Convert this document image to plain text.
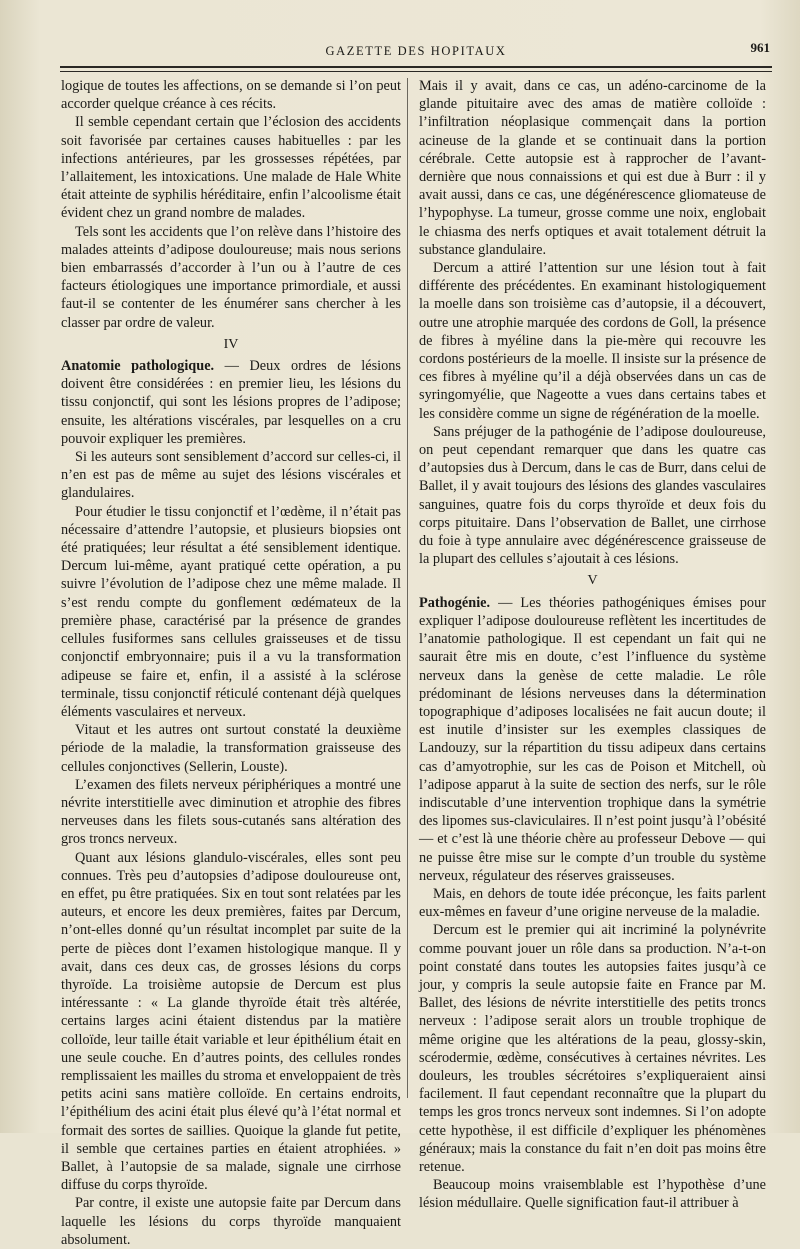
GAZETTE DES HOPITAUX	961

logique de toutes les affections, on se demande si l’on peut accorder quelque créance à ces récits.

Il semble cependant certain que l’éclosion des accidents soit favorisée par certaines causes habituelles : par les infections antérieures, par les grossesses répétées, par l’allaitement, les intoxications. Une malade de Hale White était atteinte de syphilis héréditaire, enfin l’alcoolisme était évident chez un grand nombre de malades.

Tels sont les accidents que l’on relève dans l’histoire des malades atteints d’adipose douloureuse; mais nous serions bien embarrassés d’accorder à l’un ou à l’autre de ces facteurs étiologiques une importance primordiale, et aussi faut-il se contenter de les énumérer sans chercher à les classer par ordre de valeur.

IV

Anatomie pathologique. — Deux ordres de lésions doivent être considérées : en premier lieu, les lésions du tissu conjonctif, qui sont les lésions propres de l’adipose; ensuite, les altérations viscérales, par lesquelles on a cru pouvoir expliquer les premières.

Si les auteurs sont sensiblement d’accord sur celles-ci, il n’en est pas de même au sujet des lésions viscérales et glandulaires.

Pour étudier le tissu conjonctif et l’œdème, il n’était pas nécessaire d’attendre l’autopsie, et plusieurs biopsies ont été pratiquées; leur résultat a été sensiblement identique. Dercum lui-même, ayant pratiqué cette opération, a pu suivre l’évolution de l’adipose chez une même malade. Il s’est rendu compte du gonflement œdémateux de la première phase, caractérisé par la présence de grandes cellules fusiformes sans cellules graisseuses et de tissu conjonctif embryonnaire; puis il a vu la transformation adipeuse se faire et, enfin, il a assisté à la sclérose terminale, tissu conjonctif réticulé contenant déjà quelques éléments vasculaires et nerveux.

Vitaut et les autres ont surtout constaté la deuxième période de la maladie, la transformation graisseuse des cellules conjonctives (Sellerin, Louste).

L’examen des filets nerveux périphériques a montré une névrite interstitielle avec diminution et atrophie des fibres nerveuses dans les filets sous-cutanés sans altération des gros troncs nerveux.

Quant aux lésions glandulo-viscérales, elles sont peu connues. Très peu d’autopsies d’adipose douloureuse ont, en effet, pu être pratiquées. Six en tout sont relatées par les auteurs, et encore les deux premières, faites par Dercum, n’ont-elles donné qu’un résultat incomplet par suite de la perte de pièces dont l’examen histologique manque. Il y avait, dans ces deux cas, de grosses lésions du corps thyroïde. La troisième autopsie de Dercum est plus intéressante : « La glande thyroïde était très altérée, certains larges acini étaient distendus par la matière colloïde, leur taille était variable et leur épithélium était en une seule couche. En d’autres points, des cellules rondes remplissaient les mailles du stroma et enveloppaient de très petits acini sans matière colloïde. En certains endroits, l’épithélium des acini était plus élevé qu’à l’état normal et formait des sortes de saillies. Quoique la glande fut petite, il semble que certaines parties en étaient atrophiées. » Ballet, à l’autopsie de sa malade, signale une cirrhose diffuse du corps thyroïde.

Par contre, il existe une autopsie faite par Dercum dans laquelle les lésions du corps thyroïde manquaient absolument.

Mais il y avait, dans ce cas, un adéno-carcinome de la glande pituitaire avec des amas de matière colloïde : l’infiltration néoplasique commençait dans la portion acineuse de la glande et se continuait dans la portion cérébrale. Cette autopsie est à rapprocher de l’avant-dernière que nous connaissions et qui est due à Burr : il y avait aussi, dans ce cas, une dégénérescence gliomateuse de l’hypophyse. La tumeur, grosse comme une noix, englobait le chiasma des nerfs optiques et avait totalement détruit la substance glandulaire.

Dercum a attiré l’attention sur une lésion tout à fait différente des précédentes. En examinant histologiquement la moelle dans son troisième cas d’autopsie, il a découvert, outre une atrophie marquée des cordons de Goll, la présence de fibres à myéline dans la pie-mère qui recouvre les cordons postérieurs de la moelle. Il insiste sur la présence de ces fibres à myéline qu’il a déjà observées dans un cas de syringomyélie, que Nageotte a vues dans certains tabes et les considère comme un signe de régénération de la moelle.

Sans préjuger de la pathogénie de l’adipose douloureuse, on peut cependant remarquer que dans les quatre cas d’autopsies dus à Dercum, dans le cas de Burr, dans celui de Ballet, il y avait toujours des lésions des glandes vasculaires sanguines, quatre fois du corps thyroïde et deux fois du corps pituitaire. Dans l’observation de Ballet, une cirrhose du foie à type annulaire avec dégénérescence graisseuse de la plupart des cellules s’ajoutait à ces lésions.

V

Pathogénie. — Les théories pathogéniques émises pour expliquer l’adipose douloureuse reflètent les incertitudes de l’anatomie pathologique. Il est cependant un fait qui ne saurait être mis en doute, c’est l’influence du système nerveux dans la genèse de cette maladie. Le rôle prédominant de lésions nerveuses dans la détermination topographique d’adiposes localisées ne fait aucun doute; il est inutile d’insister sur les exemples classiques de Landouzy, sur la répartition du tissu adipeux dans certains cas d’amyotrophie, sur les cas de Poison et Mitchell, où l’adipose apparut à la suite de section des nerfs, sur le rôle indiscutable d’une intervention trophique dans la symétrie des lipomes sus-claviculaires. Il n’est point jusqu’à l’obésité — et c’est là une théorie chère au professeur Debove — qui ne puisse être mise sur le compte d’un trouble du système nerveux, régulateur des réserves graisseuses.

Mais, en dehors de toute idée préconçue, les faits parlent eux-mêmes en faveur d’une origine nerveuse de la maladie.

Dercum est le premier qui ait incriminé la polynévrite comme pouvant jouer un rôle dans sa production. N’a-t-on point constaté dans toutes les autopsies faites jusqu’à ce jour, y compris la seule autopsie faite en France par M. Ballet, des lésions de névrite interstitielle des petits troncs nerveux : l’adipose serait alors un trouble trophique de même origine que les altérations de la peau, glossy-skin, scérodermie, œdème, consécutives à certaines névrites. Les douleurs, les troubles sécrétoires s’expliqueraient ainsi facilement. Il faut cependant reconnaître que la plupart du temps les gros troncs nerveux sont indemnes. Si l’on adopte cette hypothèse, il est difficile d’expliquer les phénomènes généraux; mais la constance du fait n’en doit pas moins être retenue.

Beaucoup moins vraisemblable est l’hypothèse d’une lésion médullaire. Quelle signification faut-il attribuer à
